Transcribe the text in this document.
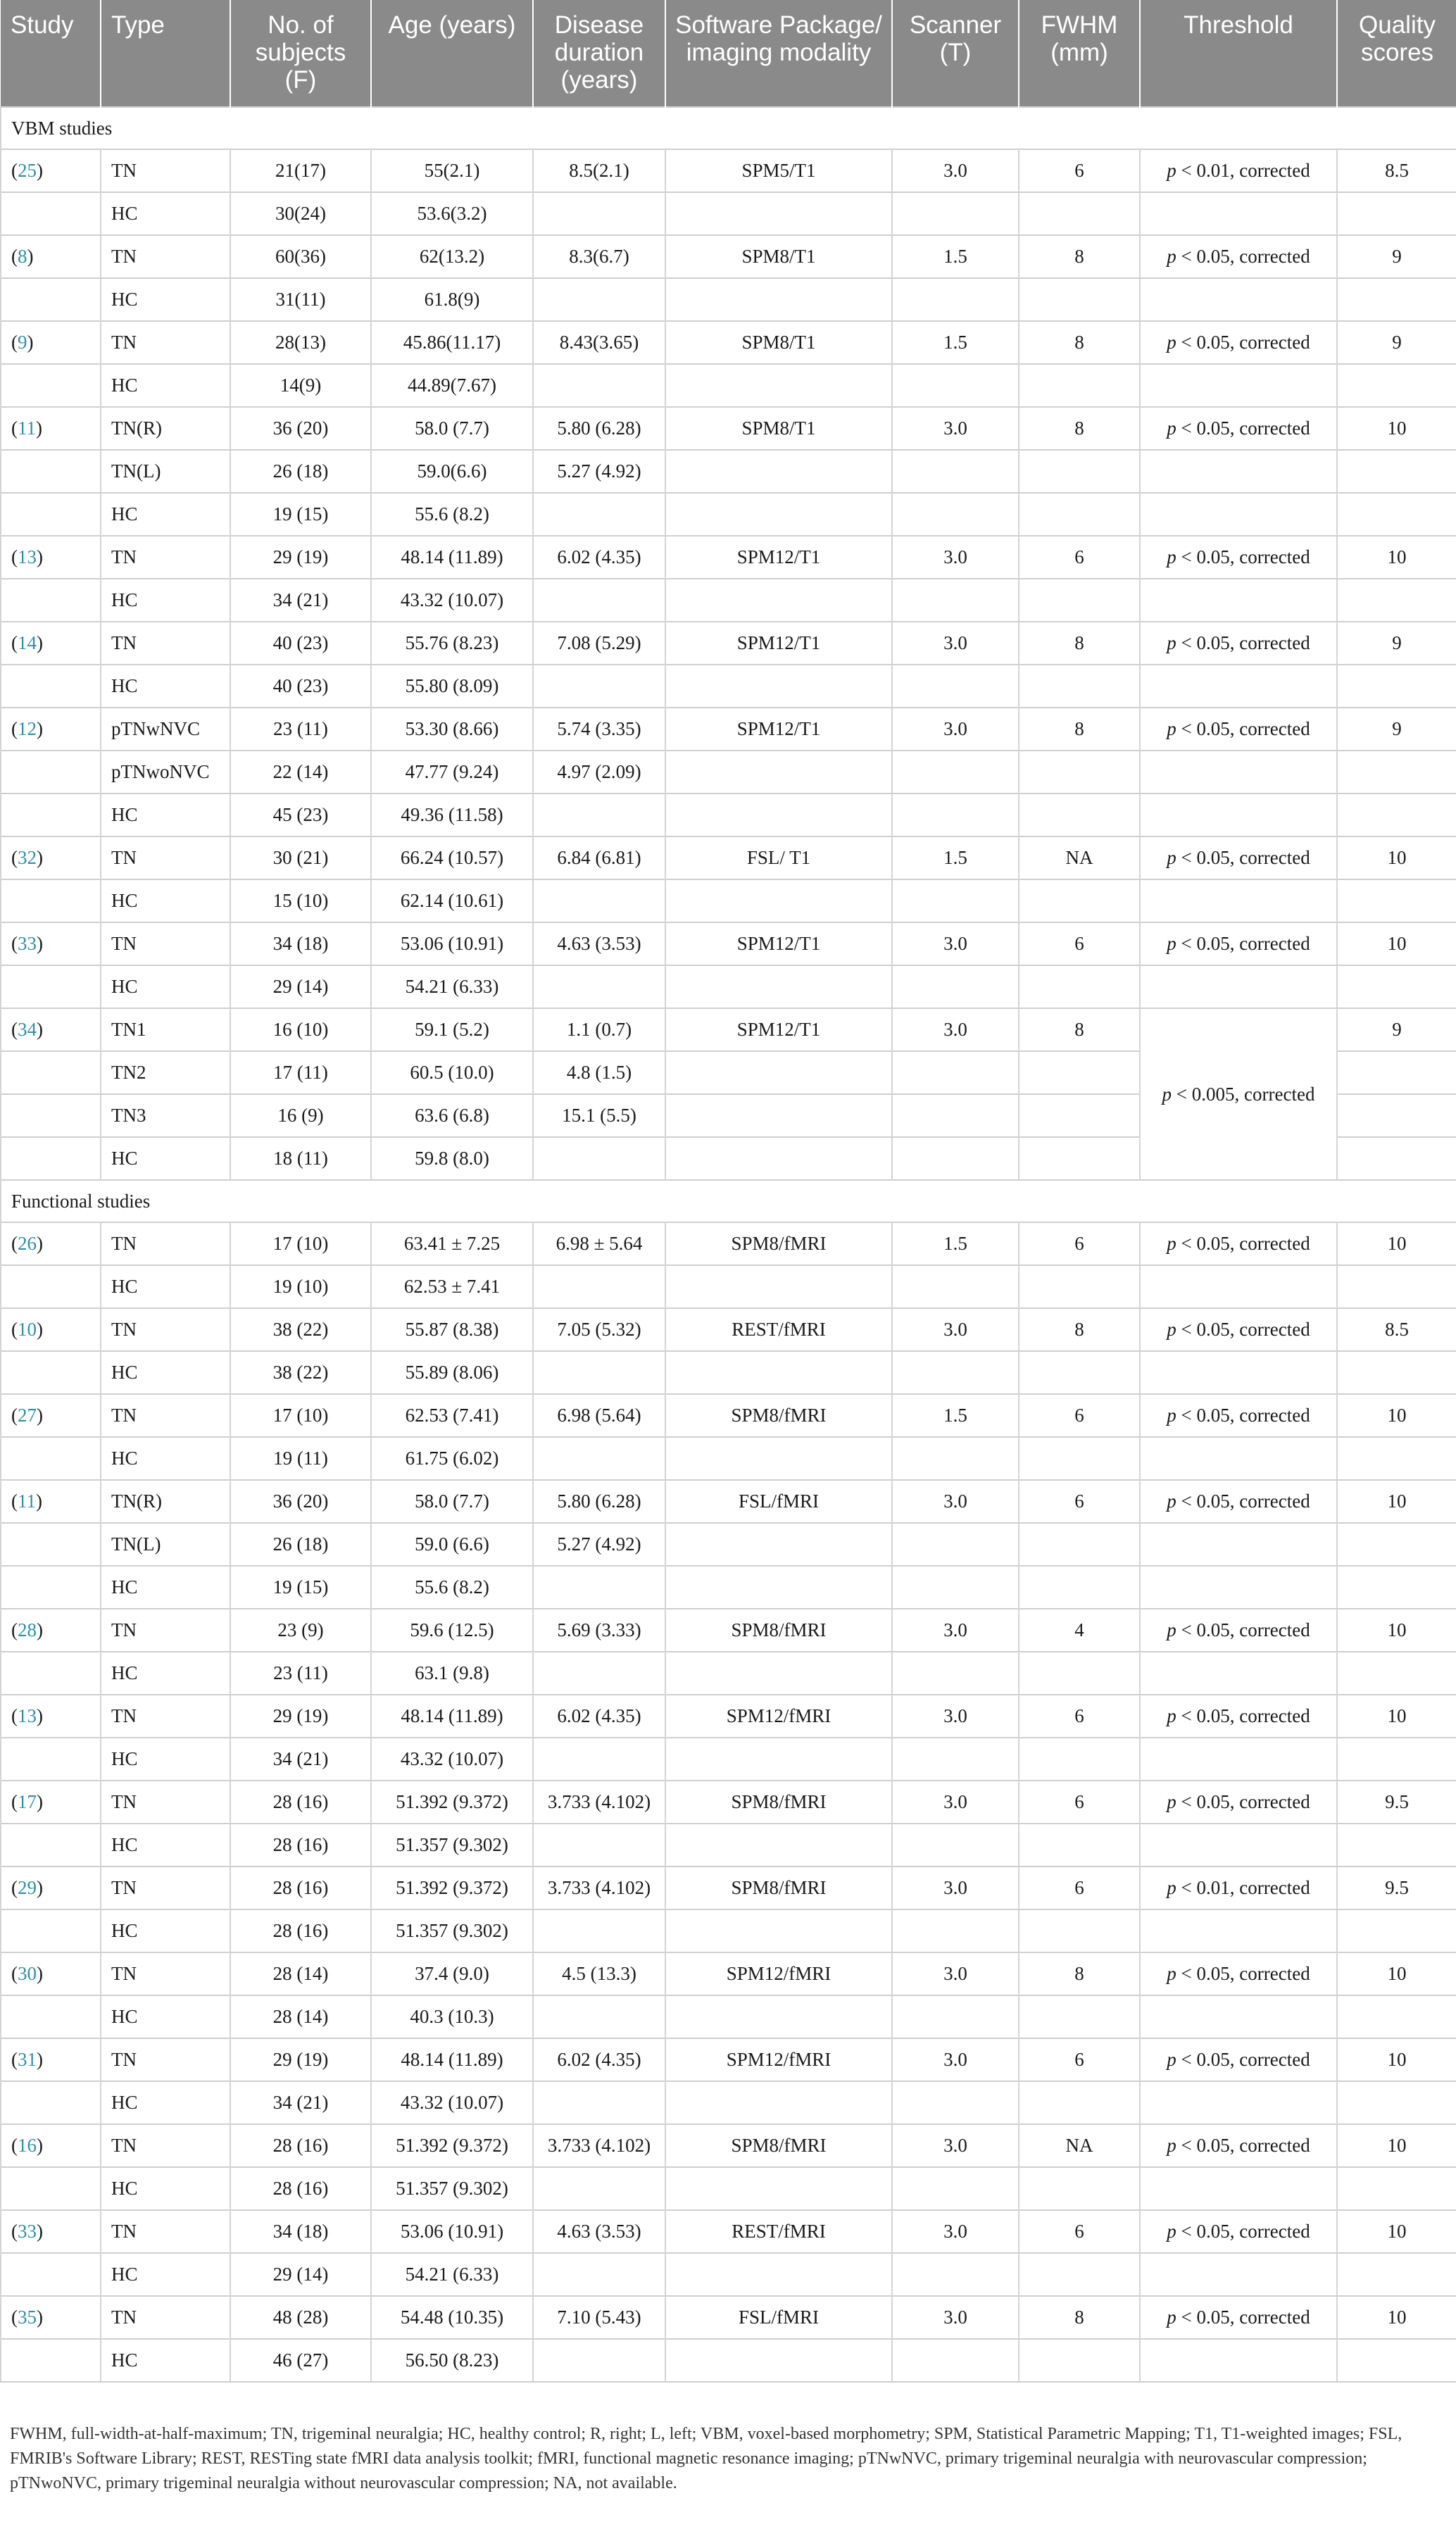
Study	Type	No. of subjects (F)	Age (years)	Disease duration (years)	Software Package/ imaging modality	Scanner (T)	FWHM (mm)	Threshold	Quality scores
VBM studies									
(25)	TN	21(17)	55(2.1)	8.5(2.1)	SPM5/T1	3.0	6	p < 0.01, corrected	8.5
	HC	30(24)	53.6(3.2)						
(8)	TN	60(36)	62(13.2)	8.3(6.7)	SPM8/T1	1.5	8	p < 0.05, corrected	9
	HC	31(11)	61.8(9)						
(9)	TN	28(13)	45.86(11.17)	8.43(3.65)	SPM8/T1	1.5	8	p < 0.05, corrected	9
	HC	14(9)	44.89(7.67)						
(11)	TN(R)	36 (20)	58.0 (7.7)	5.80 (6.28)	SPM8/T1	3.0	8	p < 0.05, corrected	10
	TN(L)	26 (18)	59.0(6.6)	5.27 (4.92)					
	HC	19 (15)	55.6 (8.2)						
(13)	TN	29 (19)	48.14 (11.89)	6.02 (4.35)	SPM12/T1	3.0	6	p < 0.05, corrected	10
	HC	34 (21)	43.32 (10.07)						
(14)	TN	40 (23)	55.76 (8.23)	7.08 (5.29)	SPM12/T1	3.0	8	p < 0.05, corrected	9
	HC	40 (23)	55.80 (8.09)						
(12)	pTNwNVC	23 (11)	53.30 (8.66)	5.74 (3.35)	SPM12/T1	3.0	8	p < 0.05, corrected	9
	pTNwoNVC	22 (14)	47.77 (9.24)	4.97 (2.09)					
	HC	45 (23)	49.36 (11.58)						
(32)	TN	30 (21)	66.24 (10.57)	6.84 (6.81)	FSL/ T1	1.5	NA	p < 0.05, corrected	10
	HC	15 (10)	62.14 (10.61)						
(33)	TN	34 (18)	53.06 (10.91)	4.63 (3.53)	SPM12/T1	3.0	6	p < 0.05, corrected	10
	HC	29 (14)	54.21 (6.33)						
(34)	TN1	16 (10)	59.1 (5.2)	1.1 (0.7)	SPM12/T1	3.0	8	p < 0.005, corrected	9
	TN2	17 (11)	60.5 (10.0)	4.8 (1.5)					
	TN3	16 (9)	63.6 (6.8)	15.1 (5.5)					
	HC	18 (11)	59.8 (8.0)						
Functional studies									
(26)	TN	17 (10)	63.41 ± 7.25	6.98 ± 5.64	SPM8/fMRI	1.5	6	p < 0.05, corrected	10
	HC	19 (10)	62.53 ± 7.41						
(10)	TN	38 (22)	55.87 (8.38)	7.05 (5.32)	REST/fMRI	3.0	8	p < 0.05, corrected	8.5
	HC	38 (22)	55.89 (8.06)						
(27)	TN	17 (10)	62.53 (7.41)	6.98 (5.64)	SPM8/fMRI	1.5	6	p < 0.05, corrected	10
	HC	19 (11)	61.75 (6.02)						
(11)	TN(R)	36 (20)	58.0 (7.7)	5.80 (6.28)	FSL/fMRI	3.0	6	p < 0.05, corrected	10
	TN(L)	26 (18)	59.0 (6.6)	5.27 (4.92)					
	HC	19 (15)	55.6 (8.2)						
(28)	TN	23 (9)	59.6 (12.5)	5.69 (3.33)	SPM8/fMRI	3.0	4	p < 0.05, corrected	10
	HC	23 (11)	63.1 (9.8)						
(13)	TN	29 (19)	48.14 (11.89)	6.02 (4.35)	SPM12/fMRI	3.0	6	p < 0.05, corrected	10
	HC	34 (21)	43.32 (10.07)						
(17)	TN	28 (16)	51.392 (9.372)	3.733 (4.102)	SPM8/fMRI	3.0	6	p < 0.05, corrected	9.5
	HC	28 (16)	51.357 (9.302)						
(29)	TN	28 (16)	51.392 (9.372)	3.733 (4.102)	SPM8/fMRI	3.0	6	p < 0.01, corrected	9.5
	HC	28 (16)	51.357 (9.302)						
(30)	TN	28 (14)	37.4 (9.0)	4.5 (13.3)	SPM12/fMRI	3.0	8	p < 0.05, corrected	10
	HC	28 (14)	40.3 (10.3)						
(31)	TN	29 (19)	48.14 (11.89)	6.02 (4.35)	SPM12/fMRI	3.0	6	p < 0.05, corrected	10
	HC	34 (21)	43.32 (10.07)						
(16)	TN	28 (16)	51.392 (9.372)	3.733 (4.102)	SPM8/fMRI	3.0	NA	p < 0.05, corrected	10
	HC	28 (16)	51.357 (9.302)						
(33)	TN	34 (18)	53.06 (10.91)	4.63 (3.53)	REST/fMRI	3.0	6	p < 0.05, corrected	10
	HC	29 (14)	54.21 (6.33)						
(35)	TN	48 (28)	54.48 (10.35)	7.10 (5.43)	FSL/fMRI	3.0	8	p < 0.05, corrected	10
	HC	46 (27)	56.50 (8.23)						
FWHM, full-width-at-half-maximum; TN, trigeminal neuralgia; HC, healthy control; R, right; L, left; VBM, voxel-based morphometry; SPM, Statistical Parametric Mapping; T1, T1-weighted images; FSL, FMRIB's Software Library; REST, RESTing state fMRI data analysis toolkit; fMRI, functional magnetic resonance imaging; pTNwNVC, primary trigeminal neuralgia with neurovascular compression; pTNwoNVC, primary trigeminal neuralgia without neurovascular compression; NA, not available.
